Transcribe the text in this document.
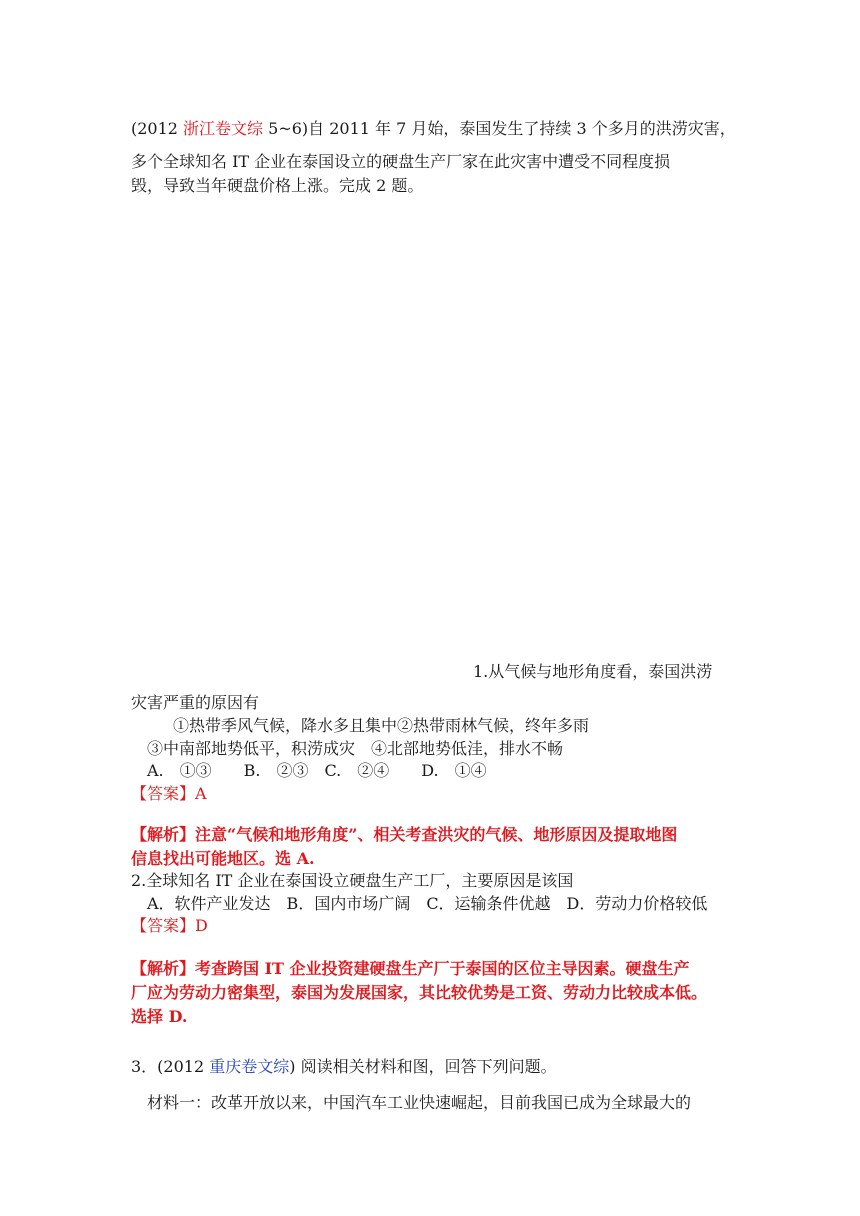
(2012 浙江卷文综 5~6)自 2011 年 7 月始，泰国发生了持续 3 个多月的洪涝灾害，
多个全球知名 IT 企业在泰国设立的硬盘生产厂家在此灾害中遭受不同程度损
毁，导致当年硬盘价格上涨。完成 2 题。
1.从气候与地形角度看，泰国洪涝
灾害严重的原因有
①热带季风气候，降水多且集中②热带雨林气候，终年多雨
③中南部地势低平，积涝成灾　④北部地势低洼，排水不畅
A.　①③　　B.　②③　C.　②④　　D.　①④
【答案】A
【解析】注意“气候和地形角度”、相关考查洪灾的气候、地形原因及提取地图
信息找出可能地区。选 A.
2.全球知名 IT 企业在泰国设立硬盘生产工厂，主要原因是该国
A．软件产业发达　B．国内市场广阔　C．运输条件优越　D．劳动力价格较低
【答案】D
【解析】考查跨国 IT 企业投资建硬盘生产厂于泰国的区位主导因素。硬盘生产
厂应为劳动力密集型，泰国为发展国家，其比较优势是工资、劳动力比较成本低。
选择 D.
3．(2012 重庆卷文综) 阅读相关材料和图，回答下列问题。
材料一：改革开放以来，中国汽车工业快速崛起，目前我国已成为全球最大的
